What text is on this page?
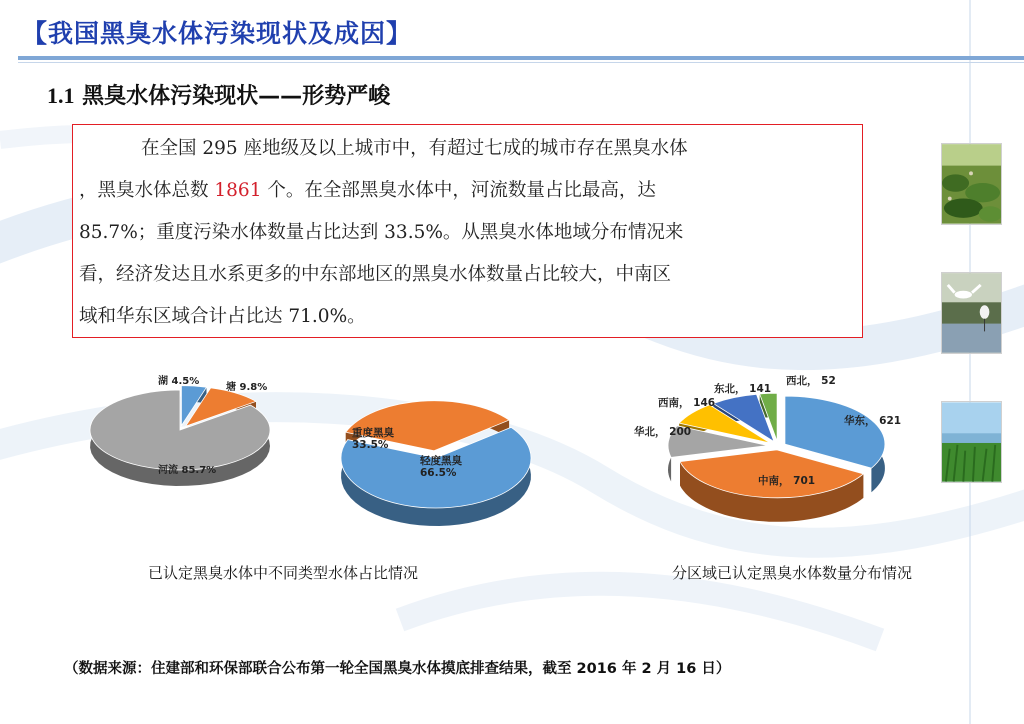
【我国黑臭水体污染现状及成因】
1.1 黑臭水体污染现状——形势严峻

在全国 295 座地级及以上城市中，有超过七成的城市存在黑臭水体
，黑臭水体总数 1861 个。在全部黑臭水体中，河流数量占比最高，达
85.7%；重度污染水体数量占比达到 33.5%。从黑臭水体地域分布情况来
看，经济发达且水系更多的中东部地区的黑臭水体数量占比较大，中南区
域和华东区域合计占比达 71.0%。

湖 4.5%
塘 9.8%
河流 85.7%
重度黑臭 33.5%
轻度黑臭 66.5%
华东， 621
中南， 701
华北， 200
西南， 146
东北， 141
西北， 52
已认定黑臭水体中不同类型水体占比情况	分区域已认定黑臭水体数量分布情况
（数据来源：住建部和环保部联合公布第一轮全国黑臭水体摸底排查结果，截至 2016 年 2 月 16 日）
